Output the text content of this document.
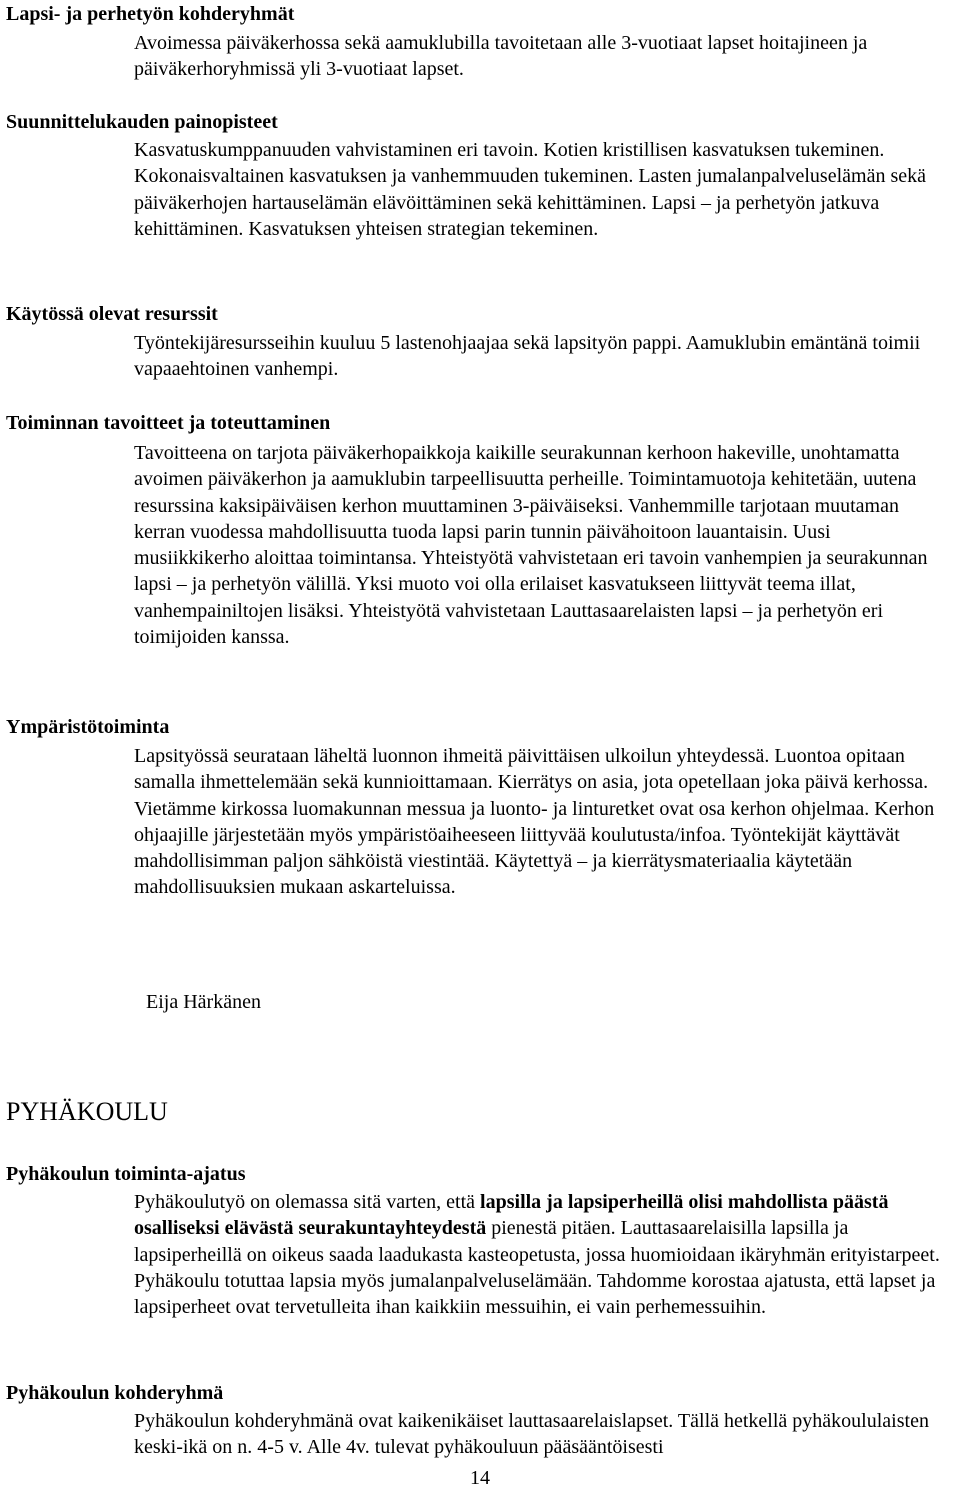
Lapsi- ja perhetyön kohderyhmät

Avoimessa päiväkerhossa sekä aamuklubilla tavoitetaan alle 3-vuotiaat lapset hoitajineen ja päiväkerhoryhmissä yli 3-vuotiaat lapset.

Suunnittelukauden painopisteet

Kasvatuskumppanuuden vahvistaminen eri tavoin. Kotien kristillisen kasvatuksen tukeminen. Kokonaisvaltainen kasvatuksen ja vanhemmuuden tukeminen. Lasten jumalanpalveluselämän sekä päiväkerhojen hartauselämän elävöittäminen sekä kehittäminen. Lapsi – ja perhetyön jatkuva kehittäminen. Kasvatuksen yhteisen strategian tekeminen.

Käytössä olevat resurssit

Työntekijäresursseihin kuuluu 5 lastenohjaajaa sekä lapsityön pappi. Aamuklubin emäntänä toimii vapaaehtoinen vanhempi.

Toiminnan tavoitteet ja toteuttaminen

Tavoitteena on tarjota päiväkerhopaikkoja kaikille seurakunnan kerhoon hakeville, unohtamatta avoimen päiväkerhon ja aamuklubin tarpeellisuutta perheille. Toimintamuotoja kehitetään, uutena resurssina kaksipäiväisen kerhon muuttaminen 3-päiväiseksi. Vanhemmille tarjotaan muutaman kerran vuodessa mahdollisuutta tuoda lapsi parin tunnin päivähoitoon lauantaisin. Uusi musiikkikerho aloittaa toimintansa. Yhteistyötä vahvistetaan eri tavoin vanhempien ja seurakunnan lapsi – ja perhetyön välillä. Yksi muoto voi olla erilaiset kasvatukseen liittyvät teema illat, vanhempainiltojen lisäksi. Yhteistyötä vahvistetaan Lauttasaarelaisten lapsi – ja perhetyön eri toimijoiden kanssa.

Ympäristötoiminta

Lapsityössä seurataan läheltä luonnon ihmeitä päivittäisen ulkoilun yhteydessä. Luontoa opitaan samalla ihmettelemään sekä kunnioittamaan. Kierrätys on asia, jota opetellaan joka päivä kerhossa. Vietämme kirkossa luomakunnan messua ja luonto- ja linturetket ovat osa kerhon ohjelmaa. Kerhon ohjaajille järjestetään myös ympäristöaiheeseen liittyvää koulutusta/infoa. Työntekijät käyttävät mahdollisimman paljon sähköistä viestintää. Käytettyä – ja kierrätysmateriaalia käytetään mahdollisuuksien mukaan askarteluissa.

Eija Härkänen

PYHÄKOULU
Pyhäkoulun toiminta-ajatus

Pyhäkoulutyö on olemassa sitä varten, että lapsilla ja lapsiperheillä olisi mahdollista päästä osalliseksi elävästä seurakuntayhteydestä pienestä pitäen. Lauttasaarelaisilla lapsilla ja lapsiperheillä on oikeus saada laadukasta kasteopetusta, jossa huomioidaan ikäryhmän erityistarpeet. Pyhäkoulu totuttaa lapsia myös jumalanpalveluselämään. Tahdomme korostaa ajatusta, että lapset ja lapsiperheet ovat tervetulleita ihan kaikkiin messuihin, ei vain perhemessuihin.

Pyhäkoulun kohderyhmä

Pyhäkoulun kohderyhmänä ovat kaikenikäiset lauttasaarelaislapset. Tällä hetkellä pyhäkoululaisten keski-ikä on n. 4-5 v. Alle 4v. tulevat pyhäkouluun pääsääntöisesti

14
